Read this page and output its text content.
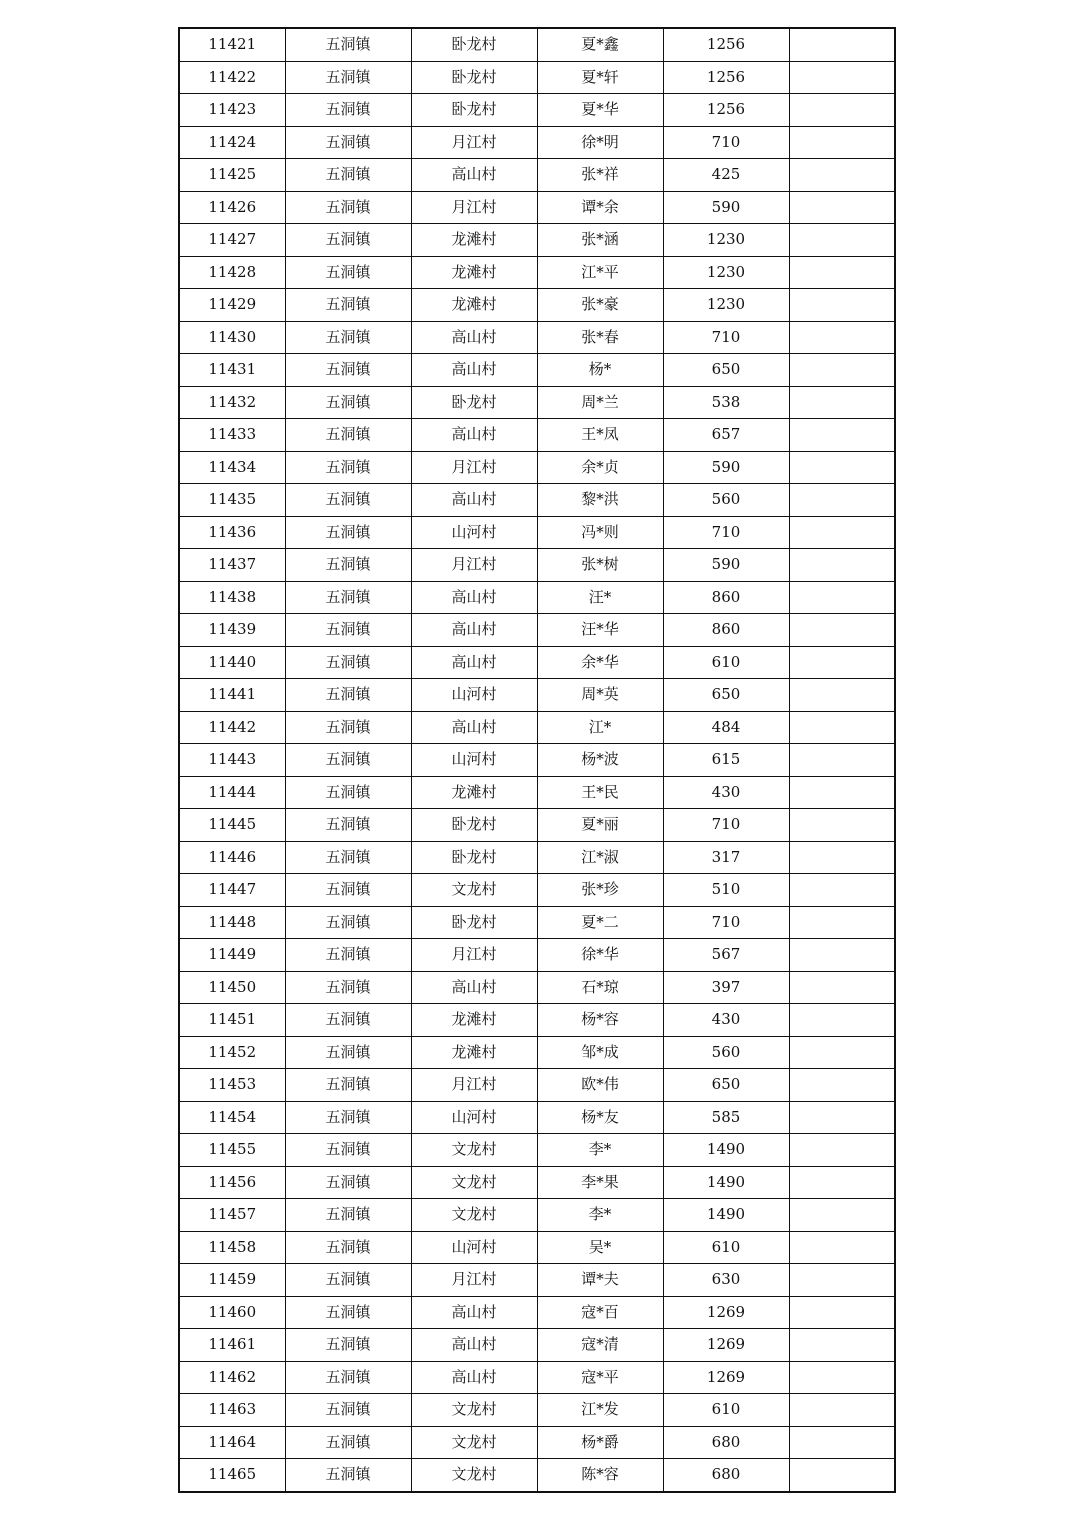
11421	五洞镇	卧龙村	夏*鑫	1256	
11422	五洞镇	卧龙村	夏*轩	1256	
11423	五洞镇	卧龙村	夏*华	1256	
11424	五洞镇	月江村	徐*明	710	
11425	五洞镇	高山村	张*祥	425	
11426	五洞镇	月江村	谭*余	590	
11427	五洞镇	龙滩村	张*涵	1230	
11428	五洞镇	龙滩村	江*平	1230	
11429	五洞镇	龙滩村	张*豪	1230	
11430	五洞镇	高山村	张*春	710	
11431	五洞镇	高山村	杨*	650	
11432	五洞镇	卧龙村	周*兰	538	
11433	五洞镇	高山村	王*凤	657	
11434	五洞镇	月江村	余*贞	590	
11435	五洞镇	高山村	黎*洪	560	
11436	五洞镇	山河村	冯*则	710	
11437	五洞镇	月江村	张*树	590	
11438	五洞镇	高山村	汪*	860	
11439	五洞镇	高山村	汪*华	860	
11440	五洞镇	高山村	余*华	610	
11441	五洞镇	山河村	周*英	650	
11442	五洞镇	高山村	江*	484	
11443	五洞镇	山河村	杨*波	615	
11444	五洞镇	龙滩村	王*民	430	
11445	五洞镇	卧龙村	夏*丽	710	
11446	五洞镇	卧龙村	江*淑	317	
11447	五洞镇	文龙村	张*珍	510	
11448	五洞镇	卧龙村	夏*二	710	
11449	五洞镇	月江村	徐*华	567	
11450	五洞镇	高山村	石*琼	397	
11451	五洞镇	龙滩村	杨*容	430	
11452	五洞镇	龙滩村	邹*成	560	
11453	五洞镇	月江村	欧*伟	650	
11454	五洞镇	山河村	杨*友	585	
11455	五洞镇	文龙村	李*	1490	
11456	五洞镇	文龙村	李*果	1490	
11457	五洞镇	文龙村	李*	1490	
11458	五洞镇	山河村	吴*	610	
11459	五洞镇	月江村	谭*夫	630	
11460	五洞镇	高山村	寇*百	1269	
11461	五洞镇	高山村	寇*清	1269	
11462	五洞镇	高山村	寇*平	1269	
11463	五洞镇	文龙村	江*发	610	
11464	五洞镇	文龙村	杨*爵	680	
11465	五洞镇	文龙村	陈*容	680	
